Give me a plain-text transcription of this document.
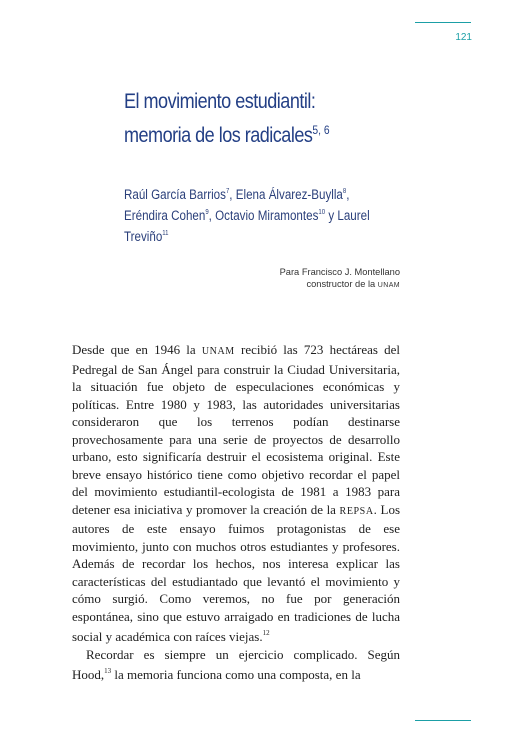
121
El movimiento estudiantil:
memoria de los radicales$^{5, 6}$
Raúl García Barrios$^7$, Elena Álvarez-Buylla$^8$,
Eréndira Cohen$^9$, Octavio Miramontes$^{10}$ y Laurel Treviño$^{11}$
Para Francisco J. Montellano
constructor de la UNAM

Desde que en 1946 la UNAM recibió las 723 hectáreas del Pedregal de San Ángel para construir la Ciudad Universitaria, la situación fue objeto de especulaciones económicas y políticas. Entre 1980 y 1983, las autoridades universitarias consideraron que los terrenos podían destinarse provechosamente para una serie de proyectos de desarrollo urbano, esto significaría destruir el ecosistema original. Este breve ensayo histórico tiene como objetivo recordar el papel del movimiento estudiantil-ecologista de 1981 a 1983 para detener esa iniciativa y promover la creación de la REPSA. Los autores de este ensayo fuimos protagonistas de ese movimiento, junto con muchos otros estudiantes y profesores. Además de recordar los hechos, nos interesa explicar las características del estudiantado que levantó el movimiento y cómo surgió. Como veremos, no fue por generación espontánea, sino que estuvo arraigado en tradiciones de lucha social y académica con raíces viejas.$^{12}$

Recordar es siempre un ejercicio complicado. Según Hood,$^{13}$ la memoria funciona como una composta, en la
